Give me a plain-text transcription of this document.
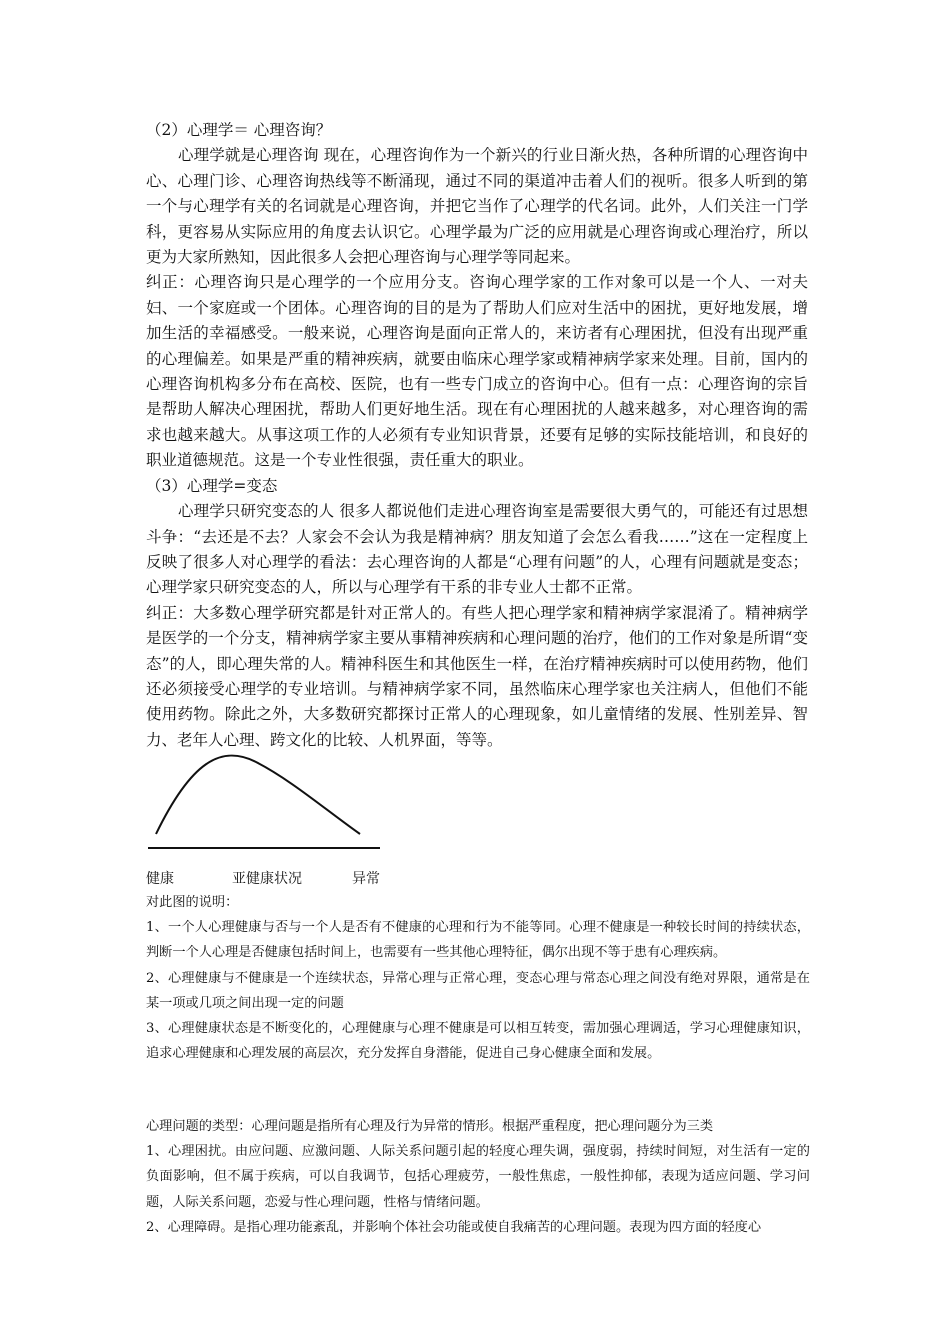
（2）心理学＝ 心理咨询？

心理学就是心理咨询 现在，心理咨询作为一个新兴的行业日渐火热，各种所谓的心理咨询中心、心理门诊、心理咨询热线等不断涌现，通过不同的渠道冲击着人们的视听。很多人听到的第一个与心理学有关的名词就是心理咨询，并把它当作了心理学的代名词。此外，人们关注一门学科，更容易从实际应用的角度去认识它。心理学最为广泛的应用就是心理咨询或心理治疗，所以更为大家所熟知，因此很多人会把心理咨询与心理学等同起来。

纠正：心理咨询只是心理学的一个应用分支。咨询心理学家的工作对象可以是一个人、一对夫妇、一个家庭或一个团体。心理咨询的目的是为了帮助人们应对生活中的困扰，更好地发展，增加生活的幸福感受。一般来说，心理咨询是面向正常人的，来访者有心理困扰，但没有出现严重的心理偏差。如果是严重的精神疾病，就要由临床心理学家或精神病学家来处理。目前，国内的心理咨询机构多分布在高校、医院，也有一些专门成立的咨询中心。但有一点：心理咨询的宗旨是帮助人解决心理困扰，帮助人们更好地生活。现在有心理困扰的人越来越多，对心理咨询的需求也越来越大。从事这项工作的人必须有专业知识背景，还要有足够的实际技能培训，和良好的职业道德规范。这是一个专业性很强，责任重大的职业。

（3）心理学=变态

心理学只研究变态的人 很多人都说他们走进心理咨询室是需要很大勇气的，可能还有过思想斗争：“去还是不去？人家会不会认为我是精神病？朋友知道了会怎么看我……”这在一定程度上反映了很多人对心理学的看法：去心理咨询的人都是“心理有问题”的人，心理有问题就是变态；心理学家只研究变态的人，所以与心理学有干系的非专业人士都不正常。

纠正：大多数心理学研究都是针对正常人的。有些人把心理学家和精神病学家混淆了。精神病学是医学的一个分支，精神病学家主要从事精神疾病和心理问题的治疗，他们的工作对象是所谓“变态”的人，即心理失常的人。精神科医生和其他医生一样，在治疗精神疾病时可以使用药物，他们还必须接受心理学的专业培训。与精神病学家不同，虽然临床心理学家也关注病人，但他们不能使用药物。除此之外，大多数研究都探讨正常人的心理现象，如儿童情绪的发展、性别差异、智力、老年人心理、跨文化的比较、人机界面，等等。

健康	亚健康状况	异常

对此图的说明：

1、一个人心理健康与否与一个人是否有不健康的心理和行为不能等同。心理不健康是一种较长时间的持续状态，判断一个人心理是否健康包括时间上，也需要有一些其他心理特征，偶尔出现不等于患有心理疾病。

2、心理健康与不健康是一个连续状态，异常心理与正常心理，变态心理与常态心理之间没有绝对界限，通常是在某一项或几项之间出现一定的问题

3、心理健康状态是不断变化的，心理健康与心理不健康是可以相互转变，需加强心理调适，学习心理健康知识，追求心理健康和心理发展的高层次，充分发挥自身潜能，促进自己身心健康全面和发展。

心理问题的类型：心理问题是指所有心理及行为异常的情形。根据严重程度，把心理问题分为三类

1、心理困扰。由应问题、应激问题、人际关系问题引起的轻度心理失调，强度弱，持续时间短，对生活有一定的负面影响，但不属于疾病，可以自我调节，包括心理疲劳，一般性焦虑，一般性抑郁，表现为适应问题、学习问题，人际关系问题，恋爱与性心理问题，性格与情绪问题。

2、心理障碍。是指心理功能紊乱，并影响个体社会功能或使自我痛苦的心理问题。表现为四方面的轻度心
